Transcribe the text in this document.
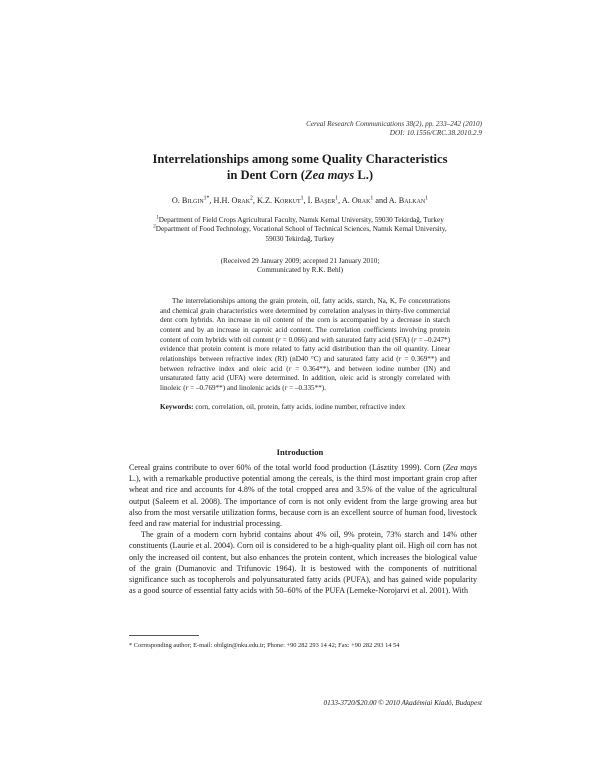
Cereal Research Communications 38(2), pp. 233–242 (2010)
DOI: 10.1556/CRC.38.2010.2.9
Interrelationships among some Quality Characteristics
in Dent Corn (Zea mays L.)
O. Bilgin$^{1*}$, H.H. Orak$^2$, K.Z. Korkut$^1$, İ. Başer$^1$, A. Orak$^1$ and A. Balkan$^1$
$^1$Department of Field Crops Agricultural Faculty, Namık Kemal University, 59030 Tekirdağ, Turkey
$^2$Department of Food Technology, Vocational School of Technical Sciences, Namık Kemal University,
59030 Tekirdağ, Turkey
(Received 29 January 2009; accepted 21 January 2010;
Communicated by R.K. Behl)

The interrelationships among the grain protein, oil, fatty acids, starch, Na, K, Fe concentrations and chemical grain characteristics were determined by correlation analyses in thirty-five commercial dent corn hybrids. An increase in oil content of the corn is accompanied by a decrease in starch content and by an increase in caproic acid content. The correlation coefficients involving protein content of corn hybrids with oil content (r = 0.066) and with saturated fatty acid (SFA) (r = –0.247*) evidence that protein content is more related to fatty acid distribution than the oil quantity. Linear relationships between refractive index (RI) (nD40 °C) and saturated fatty acid (r = 0.369**) and between refractive index and oleic acid (r = 0.364**), and between iodine number (IN) and unsaturated fatty acid (UFA) were determined. In addition, oleic acid is strongly correlated with linoleic (r = –0.769**) and linolenic acids (r = –0.335**).

Keywords: corn, correlation, oil, protein, fatty acids, iodine number, refractive index
Introduction

Cereal grains contribute to over 60% of the total world food production (Lásztity 1999). Corn (Zea mays L.), with a remarkable productive potential among the cereals, is the third most important grain crop after wheat and rice and accounts for 4.8% of the total cropped area and 3.5% of the value of the agricultural output (Saleem et al. 2008). The importance of corn is not only evident from the large growing area but also from the most versatile utilization forms, because corn is an excellent source of human food, livestock feed and raw material for industrial processing.

The grain of a modern corn hybrid contains about 4% oil, 9% protein, 73% starch and 14% other constituents (Laurie et al. 2004). Corn oil is considered to be a high-quality plant oil. High oil corn has not only the increased oil content, but also enhances the protein content, which increases the biological value of the grain (Dumanovic and Trifunovic 1964). It is bestowed with the components of nutritional significance such as tocopherols and polyunsaturated fatty acids (PUFA), and has gained wide popularity as a good source of essential fatty acids with 50–60% of the PUFA (Lemeke-Norojarvi et al. 2001). With

* Corresponding author; E-mail: obilgin@nku.edu.tr; Phone: +90 282 293 14 42; Fax: +90 282 293 14 54
0133-3720/$20.00 © 2010 Akadémiai Kiadó, Budapest
